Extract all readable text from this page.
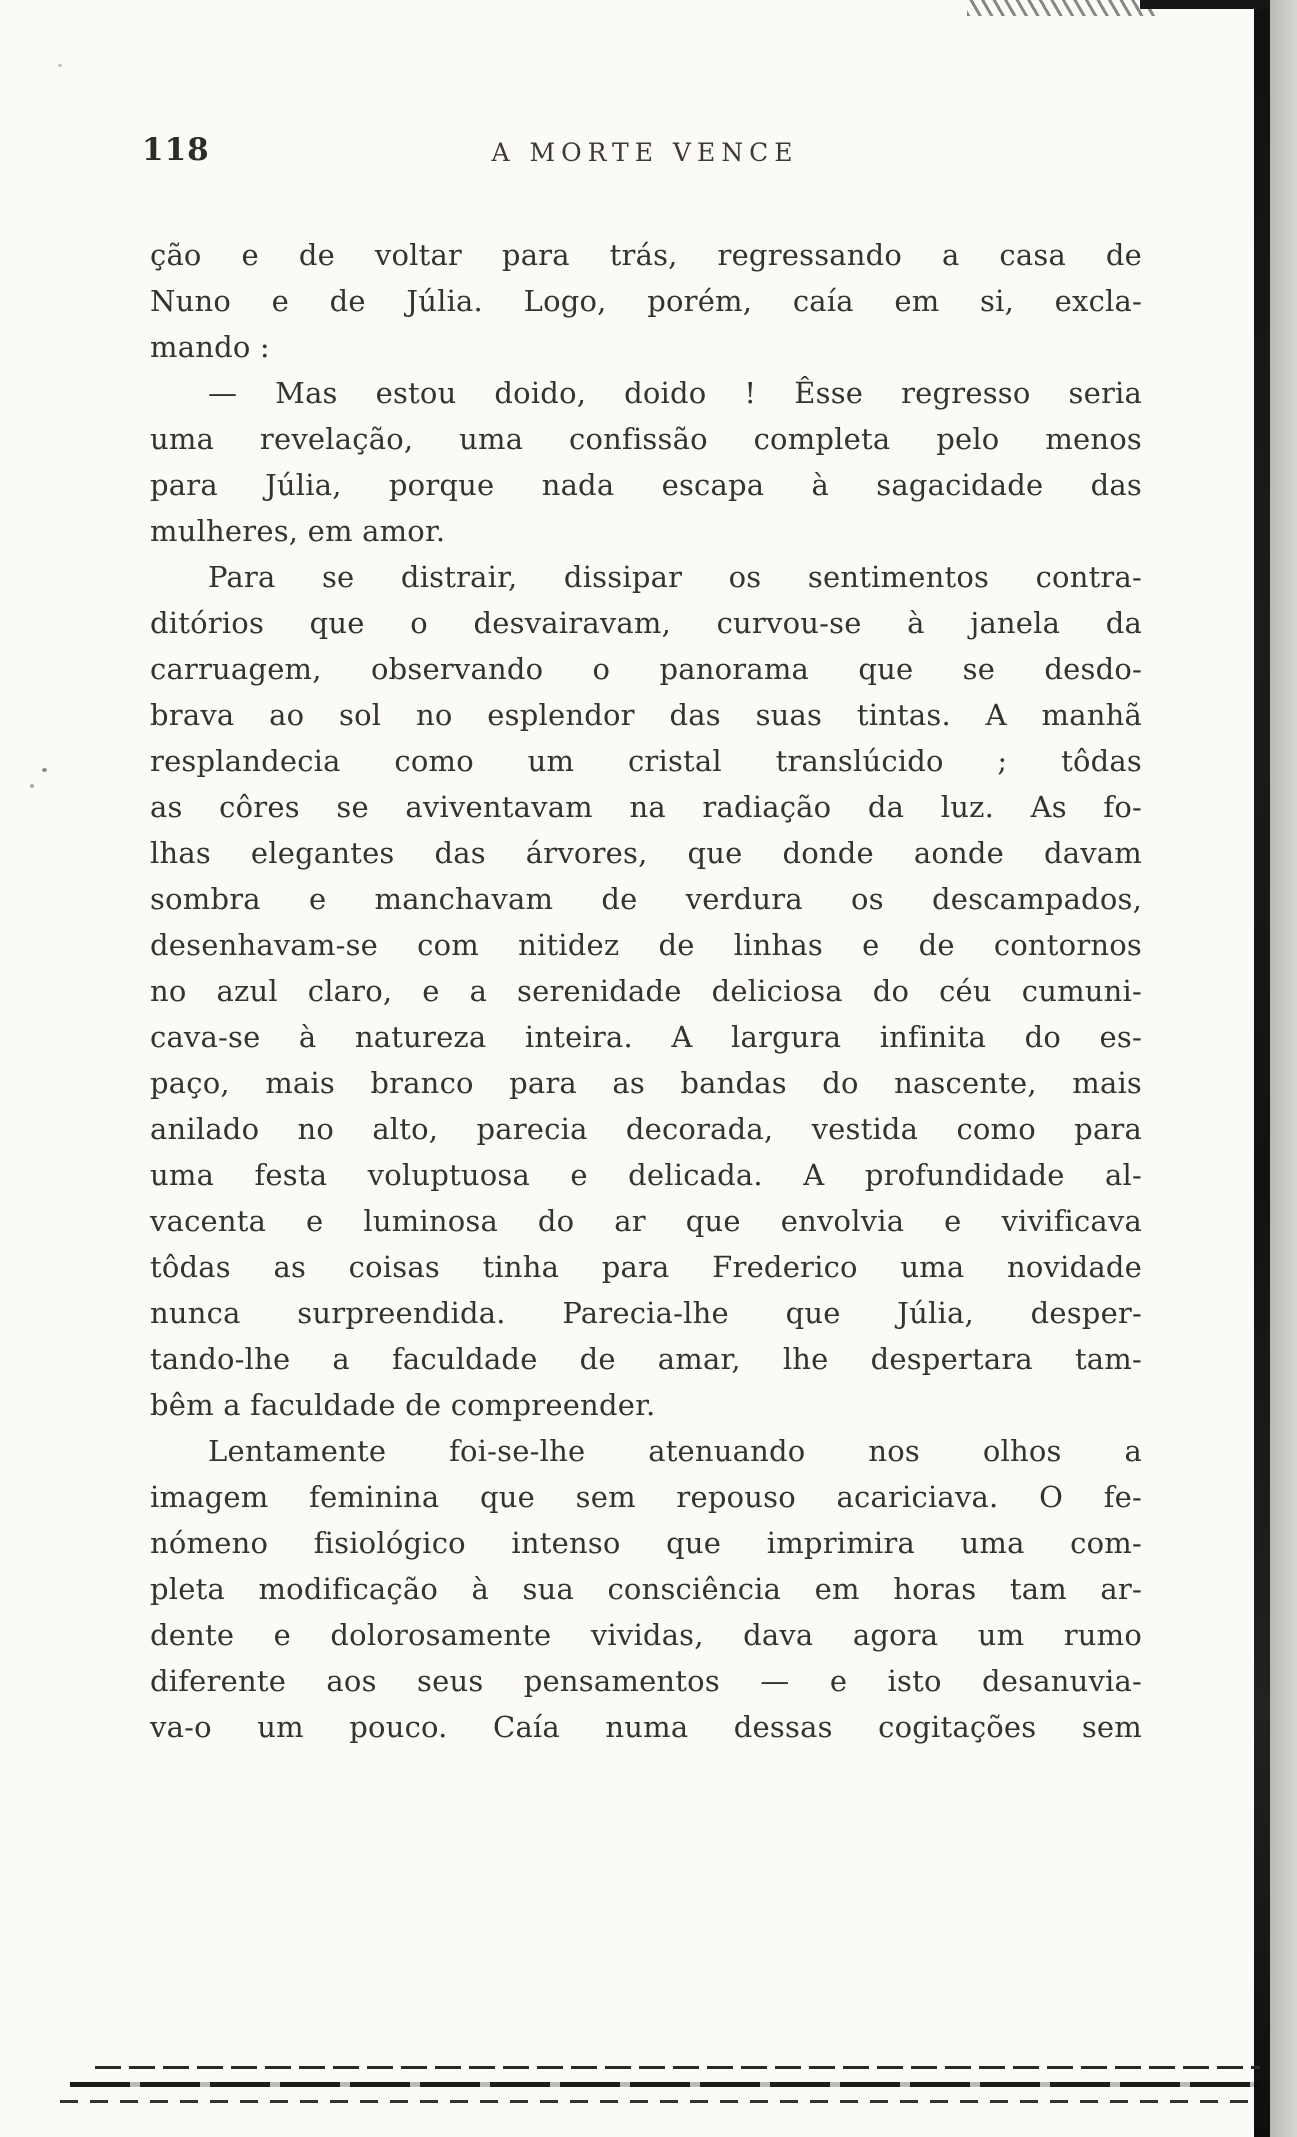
118	A MORTE VENCE
ção e de voltar para trás, regressando a casa de
Nuno e de Júlia. Logo, porém, caía em si, excla-
mando :
— Mas estou doido, doido ! Êsse regresso seria
uma revelação, uma confissão completa pelo menos
para Júlia, porque nada escapa à sagacidade das
mulheres, em amor.
Para se distrair, dissipar os sentimentos contra-
ditórios que o desvairavam, curvou-se à janela da
carruagem, observando o panorama que se desdo-
brava ao sol no esplendor das suas tintas. A manhã
resplandecia como um cristal translúcido ; tôdas
as côres se aviventavam na radiação da luz. As fo-
lhas elegantes das árvores, que donde aonde davam
sombra e manchavam de verdura os descampados,
desenhavam-se com nitidez de linhas e de contornos
no azul claro, e a serenidade deliciosa do céu cumuni-
cava-se à natureza inteira. A largura infinita do es-
paço, mais branco para as bandas do nascente, mais
anilado no alto, parecia decorada, vestida como para
uma festa voluptuosa e delicada. A profundidade al-
vacenta e luminosa do ar que envolvia e vivificava
tôdas as coisas tinha para Frederico uma novidade
nunca surpreendida. Parecia-lhe que Júlia, desper-
tando-lhe a faculdade de amar, lhe despertara tam-
bêm a faculdade de compreender.
Lentamente foi-se-lhe atenuando nos olhos a
imagem feminina que sem repouso acariciava. O fe-
nómeno fisiológico intenso que imprimira uma com-
pleta modificação à sua consciência em horas tam ar-
dente e dolorosamente vividas, dava agora um rumo
diferente aos seus pensamentos — e isto desanuvia-
va-o um pouco. Caía numa dessas cogitações sem
